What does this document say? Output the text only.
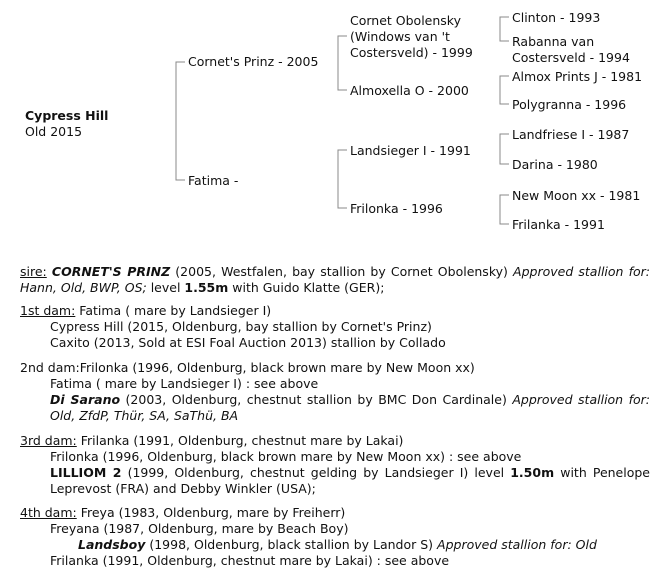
Cypress Hill
Old 2015
Cornet's Prinz - 2005
Fatima -
Cornet Obolensky (Windows van 't Costersveld) - 1999
Almoxella O - 2000
Landsieger I - 1991
Frilonka - 1996
Clinton - 1993
Rabanna van Costersveld - 1994
Almox Prints J - 1981
Polygranna - 1996
Landfriese I - 1987
Darina - 1980
New Moon xx - 1981
Frilanka - 1991

sire: CORNET'S PRINZ (2005, Westfalen, bay stallion by Cornet Obolensky) Approved stallion for: Hann, Old, BWP, OS; level 1.55m with Guido Klatte (GER);

1st dam: Fatima ( mare by Landsieger I)

Cypress Hill (2015, Oldenburg, bay stallion by Cornet's Prinz)

Caxito (2013, Sold at ESI Foal Auction 2013) stallion by Collado

2nd dam:Frilonka (1996, Oldenburg, black brown mare by New Moon xx)

Fatima ( mare by Landsieger I) : see above

Di Sarano (2003, Oldenburg, chestnut stallion by BMC Don Cardinale) Approved stallion for: Old, ZfdP, Thür, SA, SaThü, BA

3rd dam: Frilanka (1991, Oldenburg, chestnut mare by Lakai)

Frilonka (1996, Oldenburg, black brown mare by New Moon xx) : see above

LILLIOM 2 (1999, Oldenburg, chestnut gelding by Landsieger I) level 1.50m with Penelope Leprevost (FRA) and Debby Winkler (USA);

4th dam: Freya (1983, Oldenburg, mare by Freiherr)

Freyana (1987, Oldenburg, mare by Beach Boy)

Landsboy (1998, Oldenburg, black stallion by Landor S) Approved stallion for: Old

Frilanka (1991, Oldenburg, chestnut mare by Lakai) : see above
